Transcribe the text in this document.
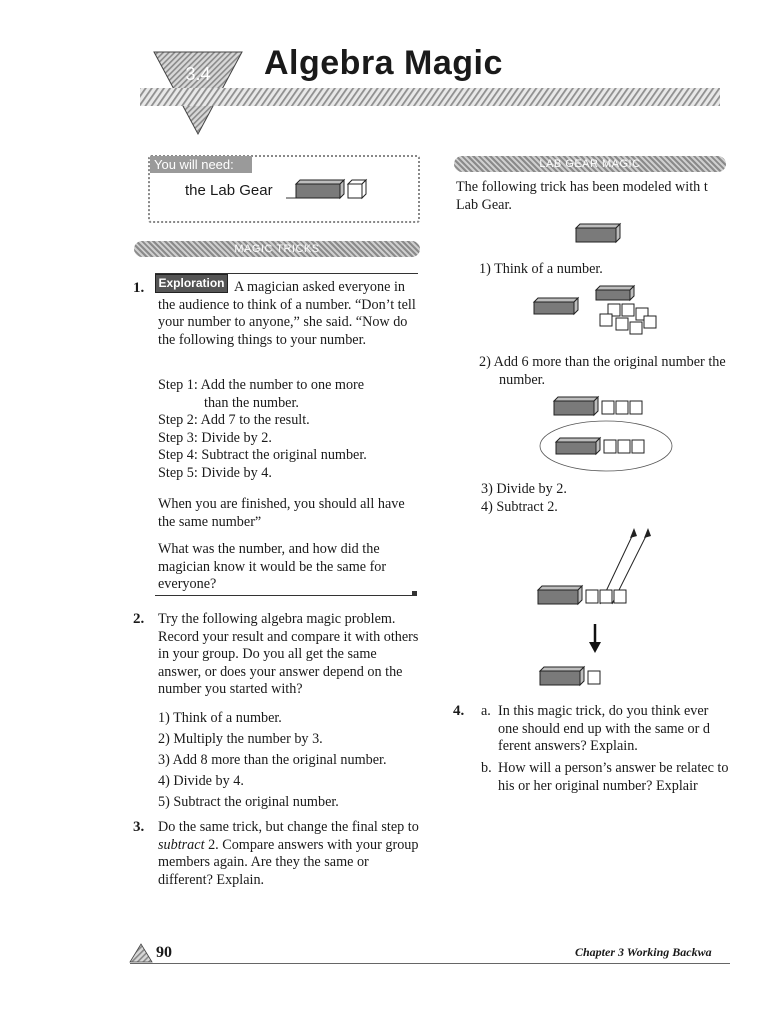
3.4 Algebra Magic
You will need:
the Lab Gear
MAGIC TRICKS
LAB GEAR MAGIC
1. Exploration A magician asked everyone in the audience to think of a number. “Don’t tell your number to anyone,” she said. “Now do the following things to your number.
Step 1: Add the number to one more
than the number.
Step 2: Add 7 to the result.
Step 3: Divide by 2.
Step 4: Subtract the original number.
Step 5: Divide by 4.
When you are finished, you should all have the same number”
What was the number, and how did the magician know it would be the same for everyone?
2. Try the following algebra magic problem. Record your result and compare it with others in your group. Do you all get the same answer, or does your answer depend on the number you started with?
1) Think of a number.
2) Multiply the number by 3.
3) Add 8 more than the original number.
4) Divide by 4.
5) Subtract the original number.
3. Do the same trick, but change the final step to subtract 2. Compare answers with your group members again. Are they the same or different? Explain.
The following trick has been modeled with t Lab Gear.
1) Think of a number.
2) Add 6 more than the original number the number.
3) Divide by 2.
4) Subtract 2.
4. a. In this magic trick, do you think ever one should end up with the same or d ferent answers? Explain.
b. How will a person’s answer be relatec to his or her original number? Explair
90	Chapter 3 Working Backwa
